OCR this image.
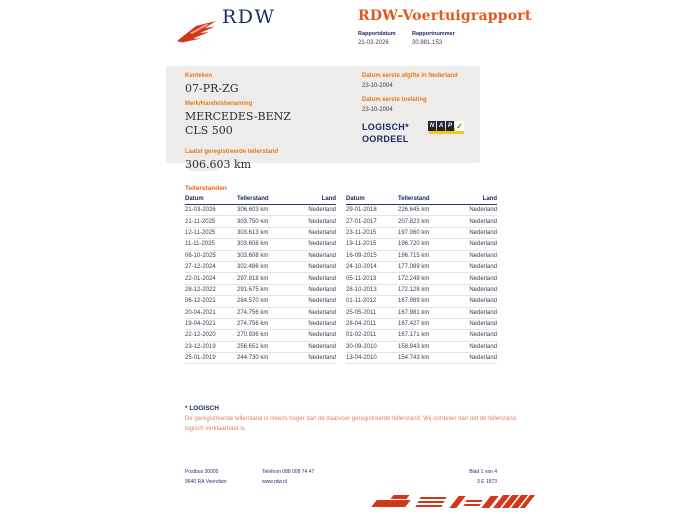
RDW	RDW-Voertuigrapport
Rapportdatum
21-03-2026
Rapportnummer
30.881.153
Kenteken
07-PR-ZG
Merk/Handelsbenaming
MERCEDES-BENZ
CLS 500
Laatst geregistreerde tellerstand
306.603 km
Datum eerste afgifte in Nederland
23-10-2004
Datum eerste toelating
23-10-2004
LOGISCH*
OORDEEL
N A P ✓
Tellerstanden
Datum	Tellerstand	Land
21-03-2026	306.603 km	Nederland
21-11-2025	303.750 km	Nederland
12-11-2025	303.613 km	Nederland
11-11-2025	303.608 km	Nederland
06-10-2025	303.608 km	Nederland
27-12-2024	302.486 km	Nederland
22-01-2024	297.818 km	Nederland
28-12-2022	291.675 km	Nederland
06-12-2021	284.570 km	Nederland
20-04-2021	274.756 km	Nederland
19-04-2021	274.756 km	Nederland
22-12-2020	270.936 km	Nederland
23-12-2019	256.651 km	Nederland
25-01-2019	244.730 km	Nederland
Datum	Tellerstand	Land
29-01-2018	226.645 km	Nederland
27-01-2017	207.823 km	Nederland
23-11-2015	197.060 km	Nederland
19-11-2015	196.720 km	Nederland
16-09-2015	196.715 km	Nederland
24-10-2014	177.089 km	Nederland
05-11-2013	172.249 km	Nederland
28-10-2013	172.128 km	Nederland
01-11-2012	167.989 km	Nederland
25-05-2011	167.981 km	Nederland
28-04-2011	167.427 km	Nederland
01-02-2011	167.171 km	Nederland
30-09-2010	158.943 km	Nederland
13-04-2010	154.743 km	Nederland
* LOGISCH
De geregistreerde tellerstand is steeds hoger dan de daarvoor geregistreerde tellerstand. Wij oordelen dan dat de tellerstand logisch verklaarbaar is.
Postbus 30000
9640 RA Veendam
Telefoon 088 008 74 47
www.rdw.nl
Blad 1 van 4
3 E 1873
